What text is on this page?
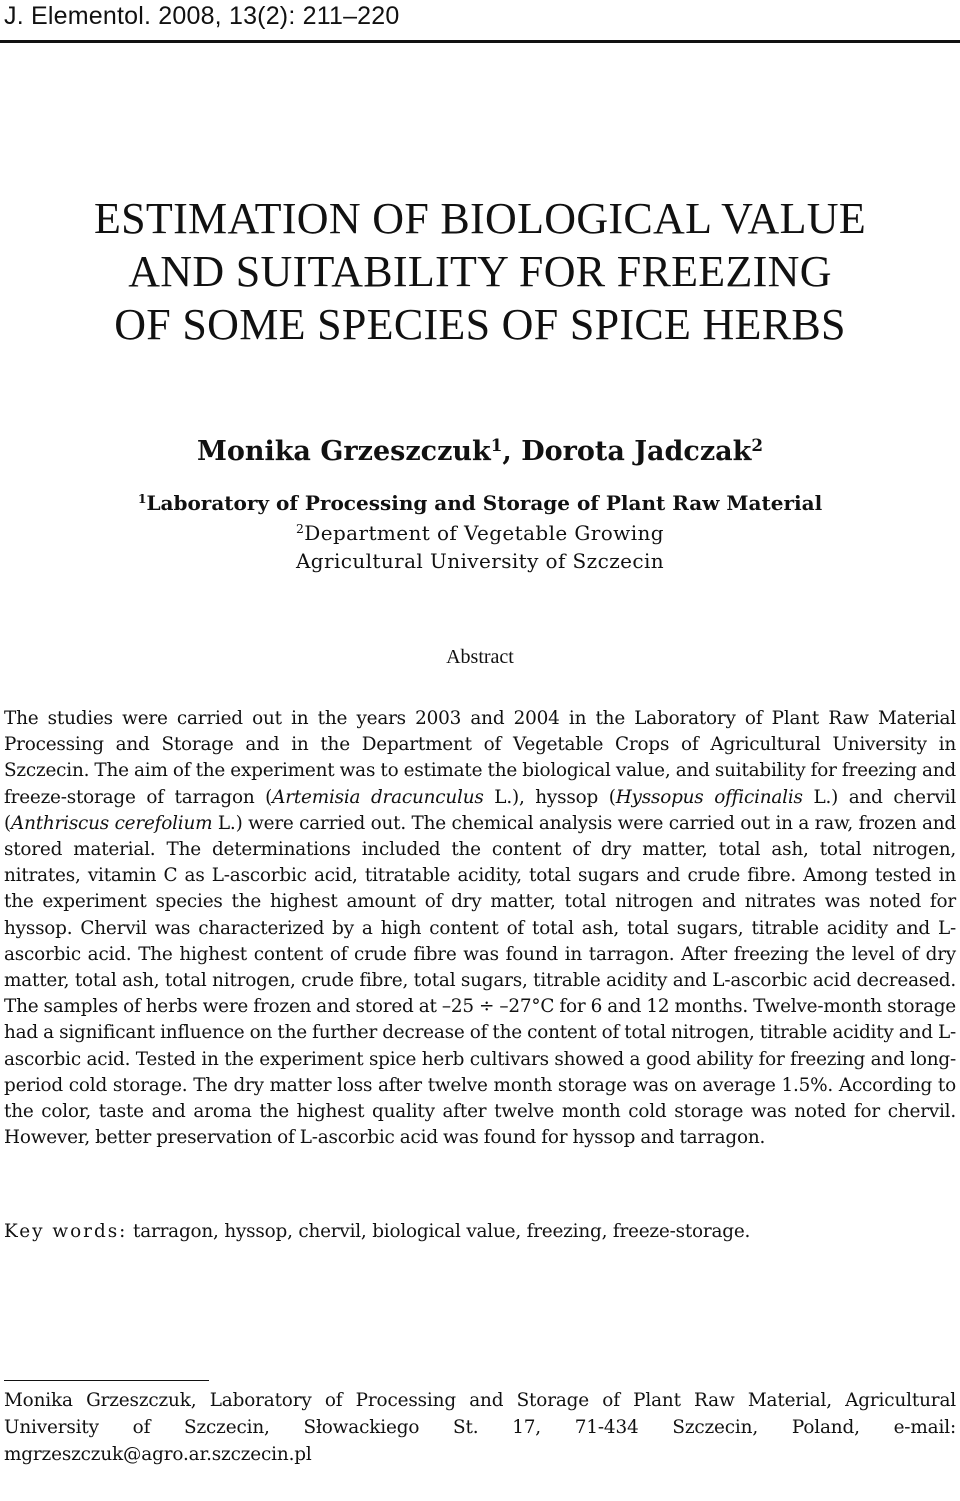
J. Elementol. 2008, 13(2): 211–220
ESTIMATION OF BIOLOGICAL VALUE
AND SUITABILITY FOR FREEZING
OF SOME SPECIES OF SPICE HERBS
Monika Grzeszczuk$^1$, Dorota Jadczak$^2$
$^1$Laboratory of Processing and Storage of Plant Raw Material
$^2$Department of Vegetable Growing
Agricultural University of Szczecin
Abstract
The studies were carried out in the years 2003 and 2004 in the Laboratory of Plant Raw Material Processing and Storage and in the Department of Vegetable Crops of Agricultural University in Szczecin. The aim of the experiment was to estimate the biological value, and suitability for freezing and freeze-storage of tarragon (Artemisia dracunculus L.), hyssop (Hyssopus officinalis L.) and chervil (Anthriscus cerefolium L.) were carried out. The chemical analysis were carried out in a raw, frozen and stored material. The determinations included the content of dry matter, total ash, total nitrogen, nitrates, vitamin C as L-ascorbic acid, titratable acidity, total sugars and crude fibre. Among tested in the experiment species the highest amount of dry matter, total nitrogen and nitrates was noted for hyssop. Chervil was characterized by a high content of total ash, total sugars, titrable acidity and L-ascorbic acid. The highest content of crude fibre was found in tarragon. After freezing the level of dry matter, total ash, total nitrogen, crude fibre, total sugars, titrable acidity and L-ascorbic acid decreased. The samples of herbs were frozen and stored at –25 ÷ –27°C for 6 and 12 months. Twelve-month storage had a significant influence on the further decrease of the content of total nitrogen, titrable acidity and L-ascorbic acid. Tested in the experiment spice herb cultivars showed a good ability for freezing and long-period cold storage. The dry matter loss after twelve month storage was on average 1.5%. According to the color, taste and aroma the highest quality after twelve month cold storage was noted for chervil. However, better preservation of L-ascorbic acid was found for hyssop and tarragon.
Key words: tarragon, hyssop, chervil, biological value, freezing, freeze-storage.
Monika Grzeszczuk, Laboratory of Processing and Storage of Plant Raw Material, Agricultural University of Szczecin, Słowackiego St. 17, 71-434 Szczecin, Poland, e-mail: mgrzeszczuk@agro.ar.szczecin.pl
